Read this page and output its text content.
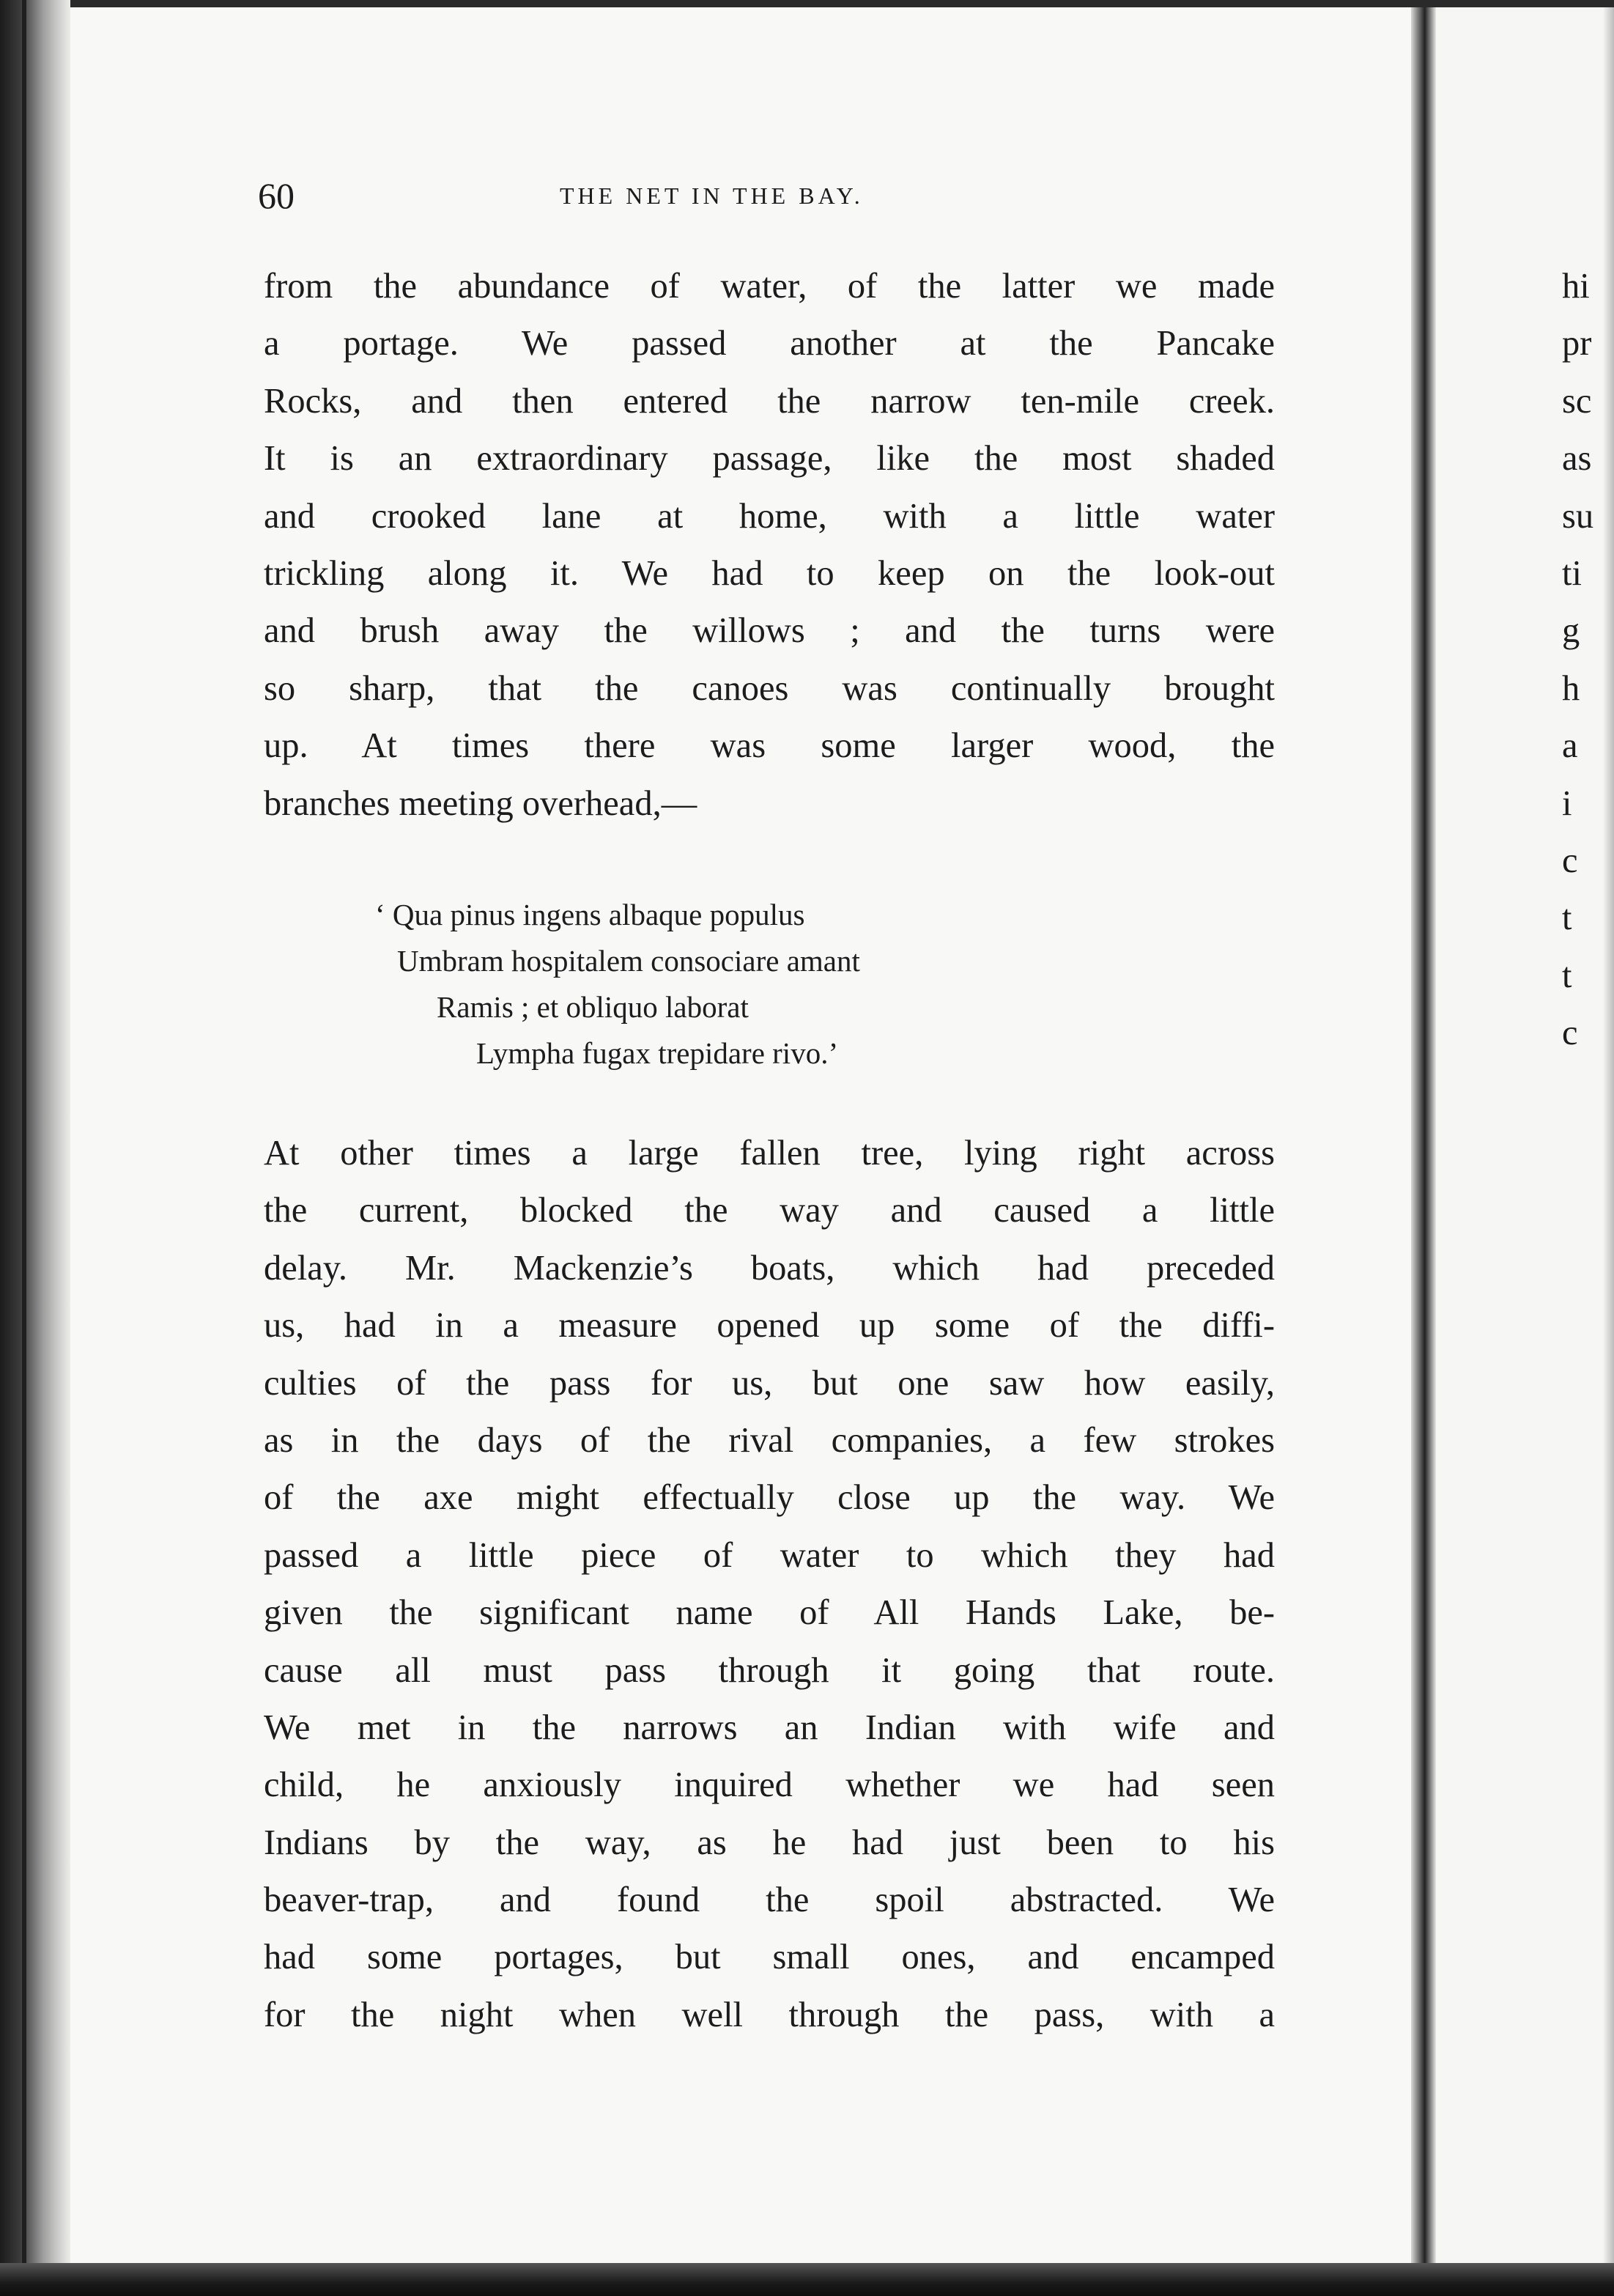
60	THE NET IN THE BAY.
from the abundance of water, of the latter we made
a portage. We passed another at the Pancake
Rocks, and then entered the narrow ten-mile creek.
It is an extraordinary passage, like the most shaded
and crooked lane at home, with a little water
trickling along it. We had to keep on the look-out
and brush away the willows ; and the turns were
so sharp, that the canoes was continually brought
up. At times there was some larger wood, the
branches meeting overhead,—
‘ Qua pinus ingens albaque populus
Umbram hospitalem consociare amant
Ramis ; et obliquo laborat
Lympha fugax trepidare rivo.’
At other times a large fallen tree, lying right across
the current, blocked the way and caused a little
delay. Mr. Mackenzie’s boats, which had preceded
us, had in a measure opened up some of the diffi-
culties of the pass for us, but one saw how easily,
as in the days of the rival companies, a few strokes
of the axe might effectually close up the way. We
passed a little piece of water to which they had
given the significant name of All Hands Lake, be-
cause all must pass through it going that route.
We met in the narrows an Indian with wife and
child, he anxiously inquired whether we had seen
Indians by the way, as he had just been to his
beaver-trap, and found the spoil abstracted. We
had some portages, but small ones, and encamped
for the night when well through the pass, with a
hi
pr
sc
as
su
ti
g
h
a
i
c
t
t
c
